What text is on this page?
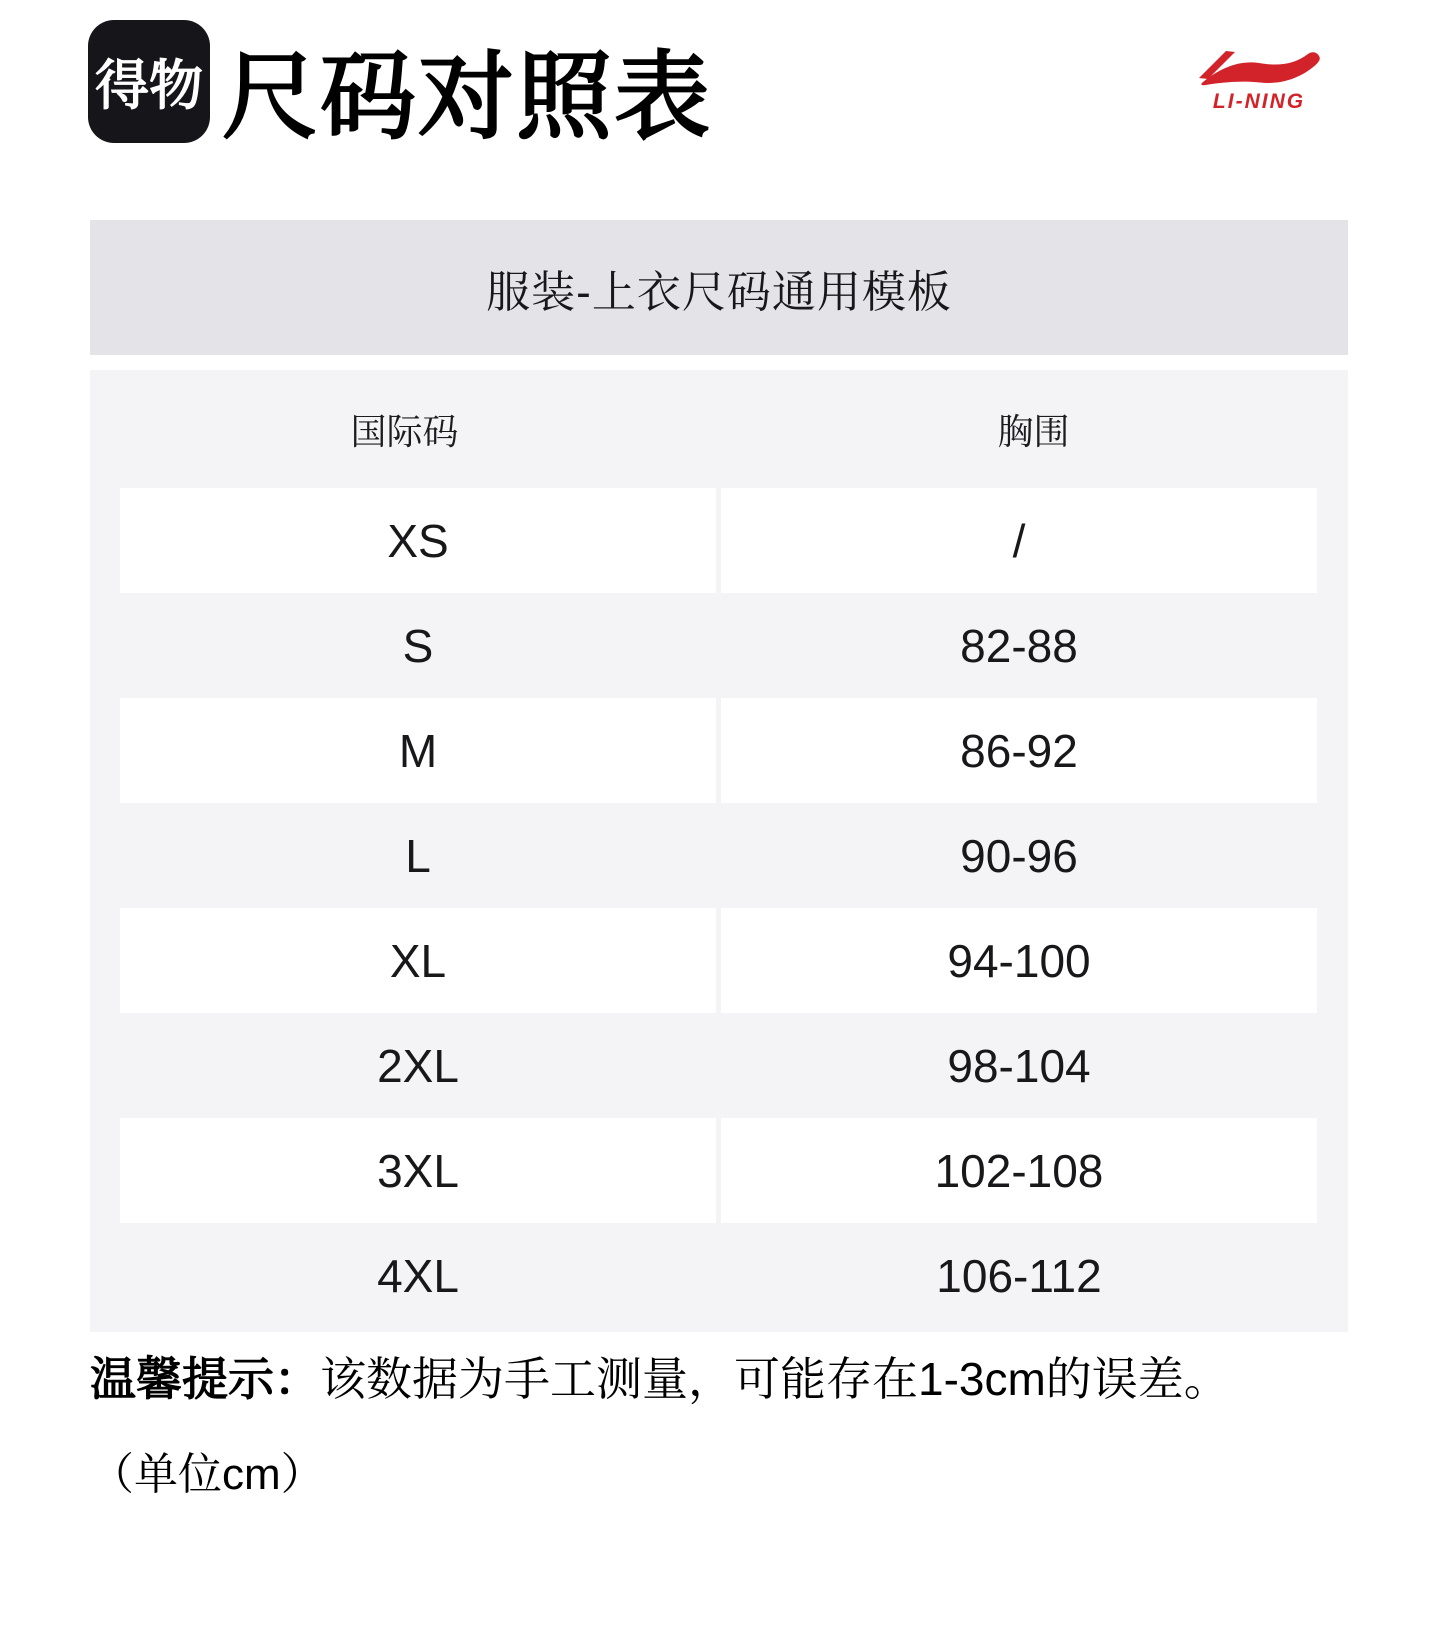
得物 尺码对照表	LI-NING
服装-上衣尺码通用模板
国际码	胸围
XS	/
S	82-88
M	86-92
L	90-96
XL	94-100
2XL	98-104
3XL	102-108
4XL	106-112

温馨提示：该数据为手工测量，可能存在1-3cm的误差。

（单位cm）
